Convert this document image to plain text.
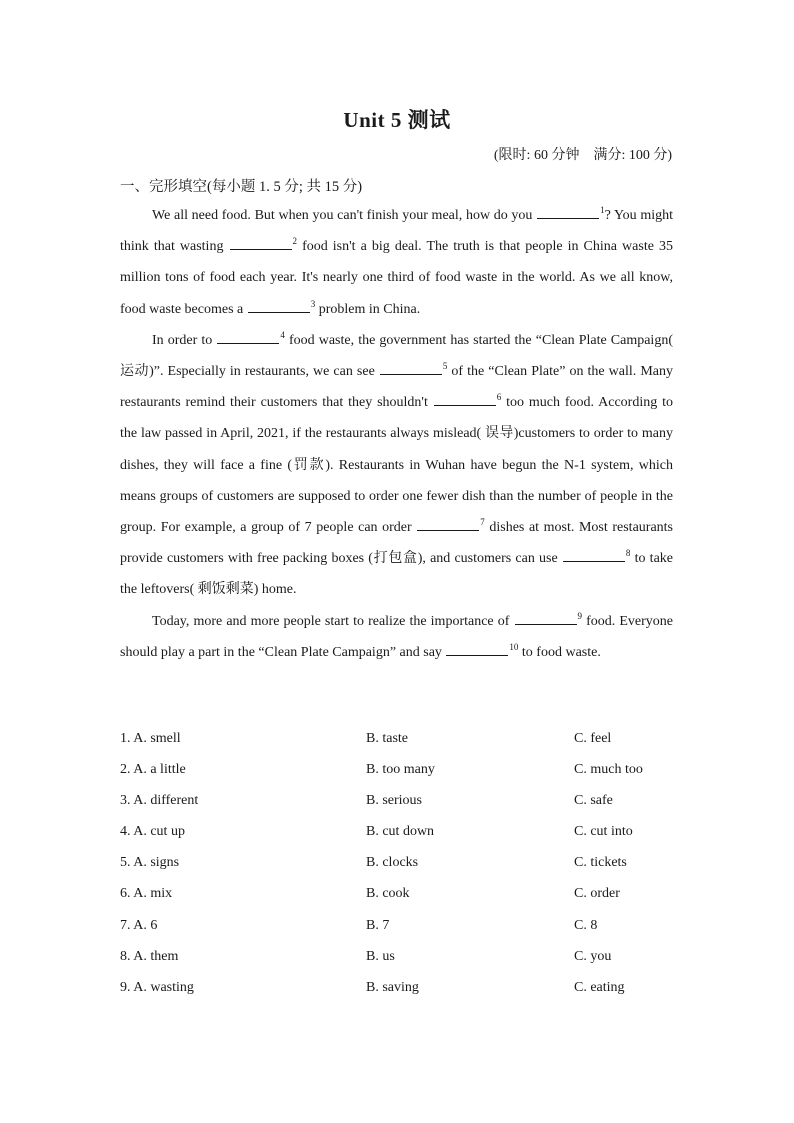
Unit 5 测试
(限时: 60 分钟　满分: 100 分)
一、完形填空(每小题 1. 5 分; 共 15 分)

We all need food. But when you can't finish your meal, how do you	$^1$? You might think that wasting	$^2$ food isn't a big deal. The truth is that people in China waste 35 million tons of food each year. It's nearly one third of food waste in the world. As we all know, food waste becomes a	$^3$ problem in China.

In order to	$^4$ food waste, the government has started the “Clean Plate Campaign( 运动)”. Especially in restaurants, we can see	$^5$ of the “Clean Plate” on the wall. Many restaurants remind their customers that they shouldn't	$^6$ too much food. According to the law passed in April, 2021, if the restaurants always mislead( 误导)customers to order to many dishes, they will face a fine (罚款). Restaurants in Wuhan have begun the N-1 system, which means groups of customers are supposed to order one fewer dish than the number of people in the group. For example, a group of 7 people can order	$^7$ dishes at most. Most restaurants provide customers with free packing boxes (打包盒), and customers can use	$^8$ to take the leftovers( 剩饭剩菜) home.

Today, more and more people start to realize the importance of	$^9$ food. Everyone should play a part in the “Clean Plate Campaign” and say	$^{10}$ to food waste.

1. A. smell	B. taste	C. feel
2. A. a little	B. too many	C. much too
3. A. different	B. serious	C. safe
4. A. cut up	B. cut down	C. cut into
5. A. signs	B. clocks	C. tickets
6. A. mix	B. cook	C. order
7. A. 6	B. 7	C. 8
8. A. them	B. us	C. you
9. A. wasting	B. saving	C. eating
